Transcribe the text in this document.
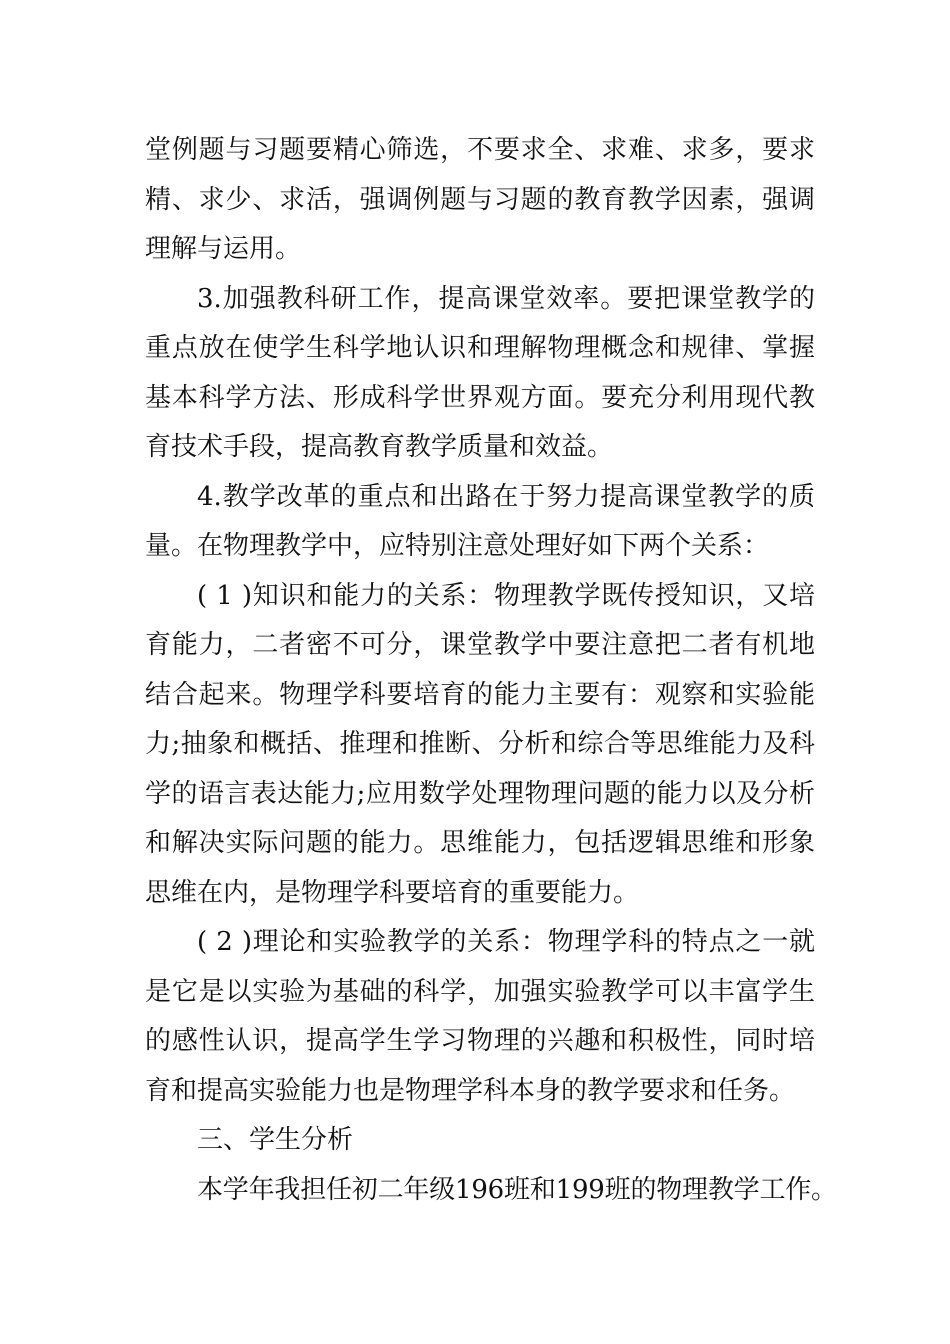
堂例题与习题要精心筛选，不要求全、求难、求多，要求精、求少、求活，强调例题与习题的教育教学因素，强调理解与运用。

3.加强教科研工作，提高课堂效率。要把课堂教学的重点放在使学生科学地认识和理解物理概念和规律、掌握基本科学方法、形成科学世界观方面。要充分利用现代教育技术手段，提高教育教学质量和效益。

4.教学改革的重点和出路在于努力提高课堂教学的质量。在物理教学中，应特别注意处理好如下两个关系：

( 1 )知识和能力的关系：物理教学既传授知识，又培育能力，二者密不可分，课堂教学中要注意把二者有机地结合起来。物理学科要培育的能力主要有：观察和实验能力;抽象和概括、推理和推断、分析和综合等思维能力及科学的语言表达能力;应用数学处理物理问题的能力以及分析和解决实际问题的能力。思维能力，包括逻辑思维和形象思维在内，是物理学科要培育的重要能力。

( 2 )理论和实验教学的关系：物理学科的特点之一就是它是以实验为基础的科学，加强实验教学可以丰富学生的感性认识，提高学生学习物理的兴趣和积极性，同时培育和提高实验能力也是物理学科本身的教学要求和任务。

三、学生分析

本学年我担任初二年级196班和199班的物理教学工作。
